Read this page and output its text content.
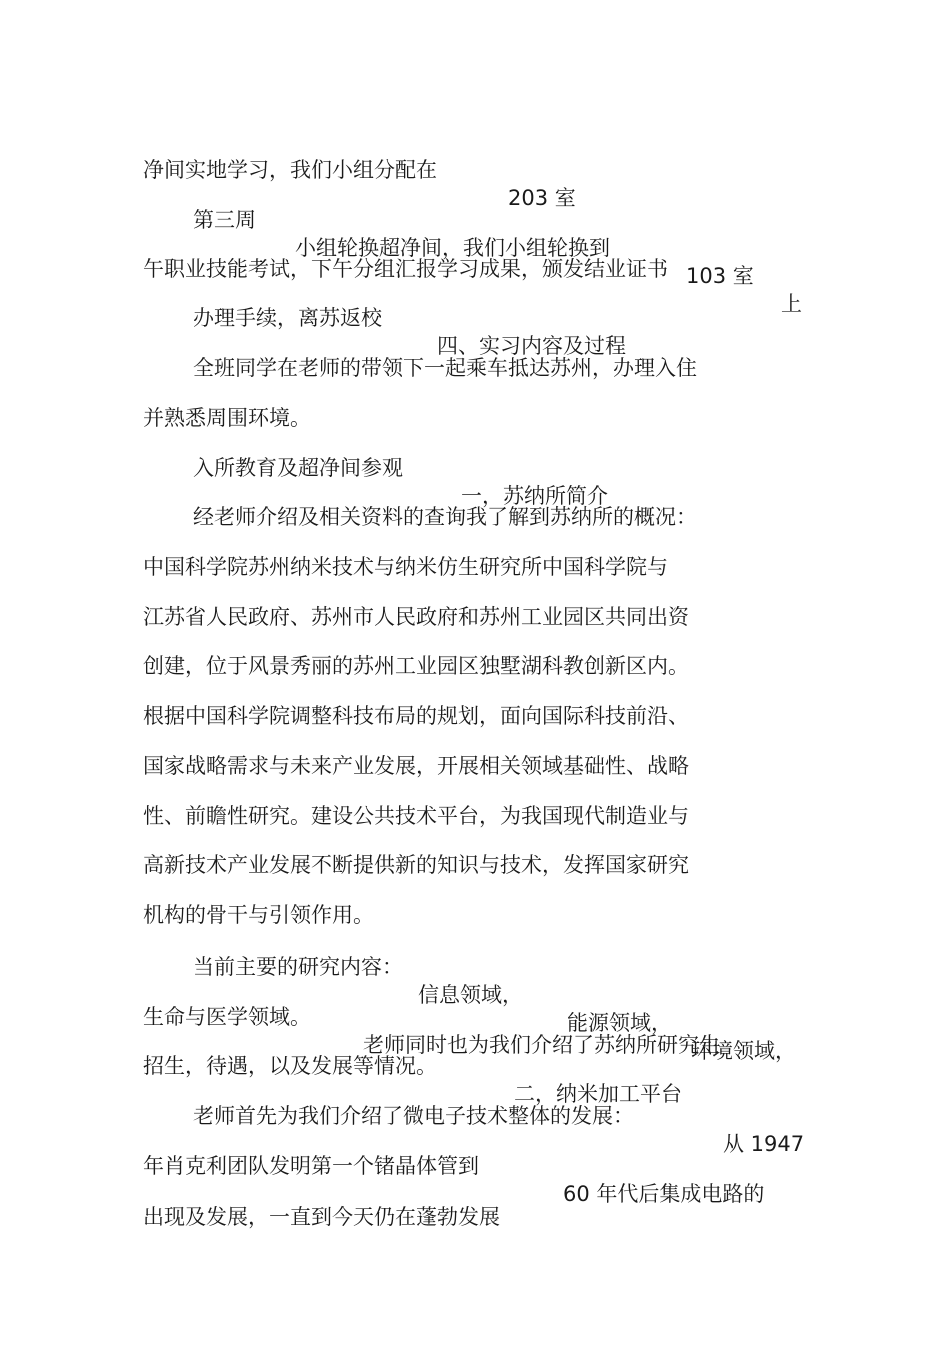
净间实地学习，我们小组分配在

203 室

第三周

小组轮换超净间，我们小组轮换到

103 室

上

午职业技能考试，下午分组汇报学习成果，颁发结业证书

办理手续，离苏返校

四、实习内容及过程

全班同学在老师的带领下一起乘车抵达苏州，办理入住

并熟悉周围环境。

入所教育及超净间参观

一，苏纳所简介

经老师介绍及相关资料的查询我了解到苏纳所的概况：

中国科学院苏州纳米技术与纳米仿生研究所中国科学院与

江苏省人民政府、苏州市人民政府和苏州工业园区共同出资

创建，位于风景秀丽的苏州工业园区独墅湖科教创新区内。

根据中国科学院调整科技布局的规划，面向国际科技前沿、

国家战略需求与未来产业发展，开展相关领域基础性、战略

性、前瞻性研究。建设公共技术平台，为我国现代制造业与

高新技术产业发展不断提供新的知识与技术，发挥国家研究

机构的骨干与引领作用。

当前主要的研究内容：

信息领域，

能源领域，

环境领域，

生命与医学领域。

老师同时也为我们介绍了苏纳所研究生

招生，待遇，以及发展等情况。

二，纳米加工平台

老师首先为我们介绍了微电子技术整体的发展：

从 1947

年肖克利团队发明第一个锗晶体管到

60 年代后集成电路的

出现及发展，一直到今天仍在蓬勃发展
